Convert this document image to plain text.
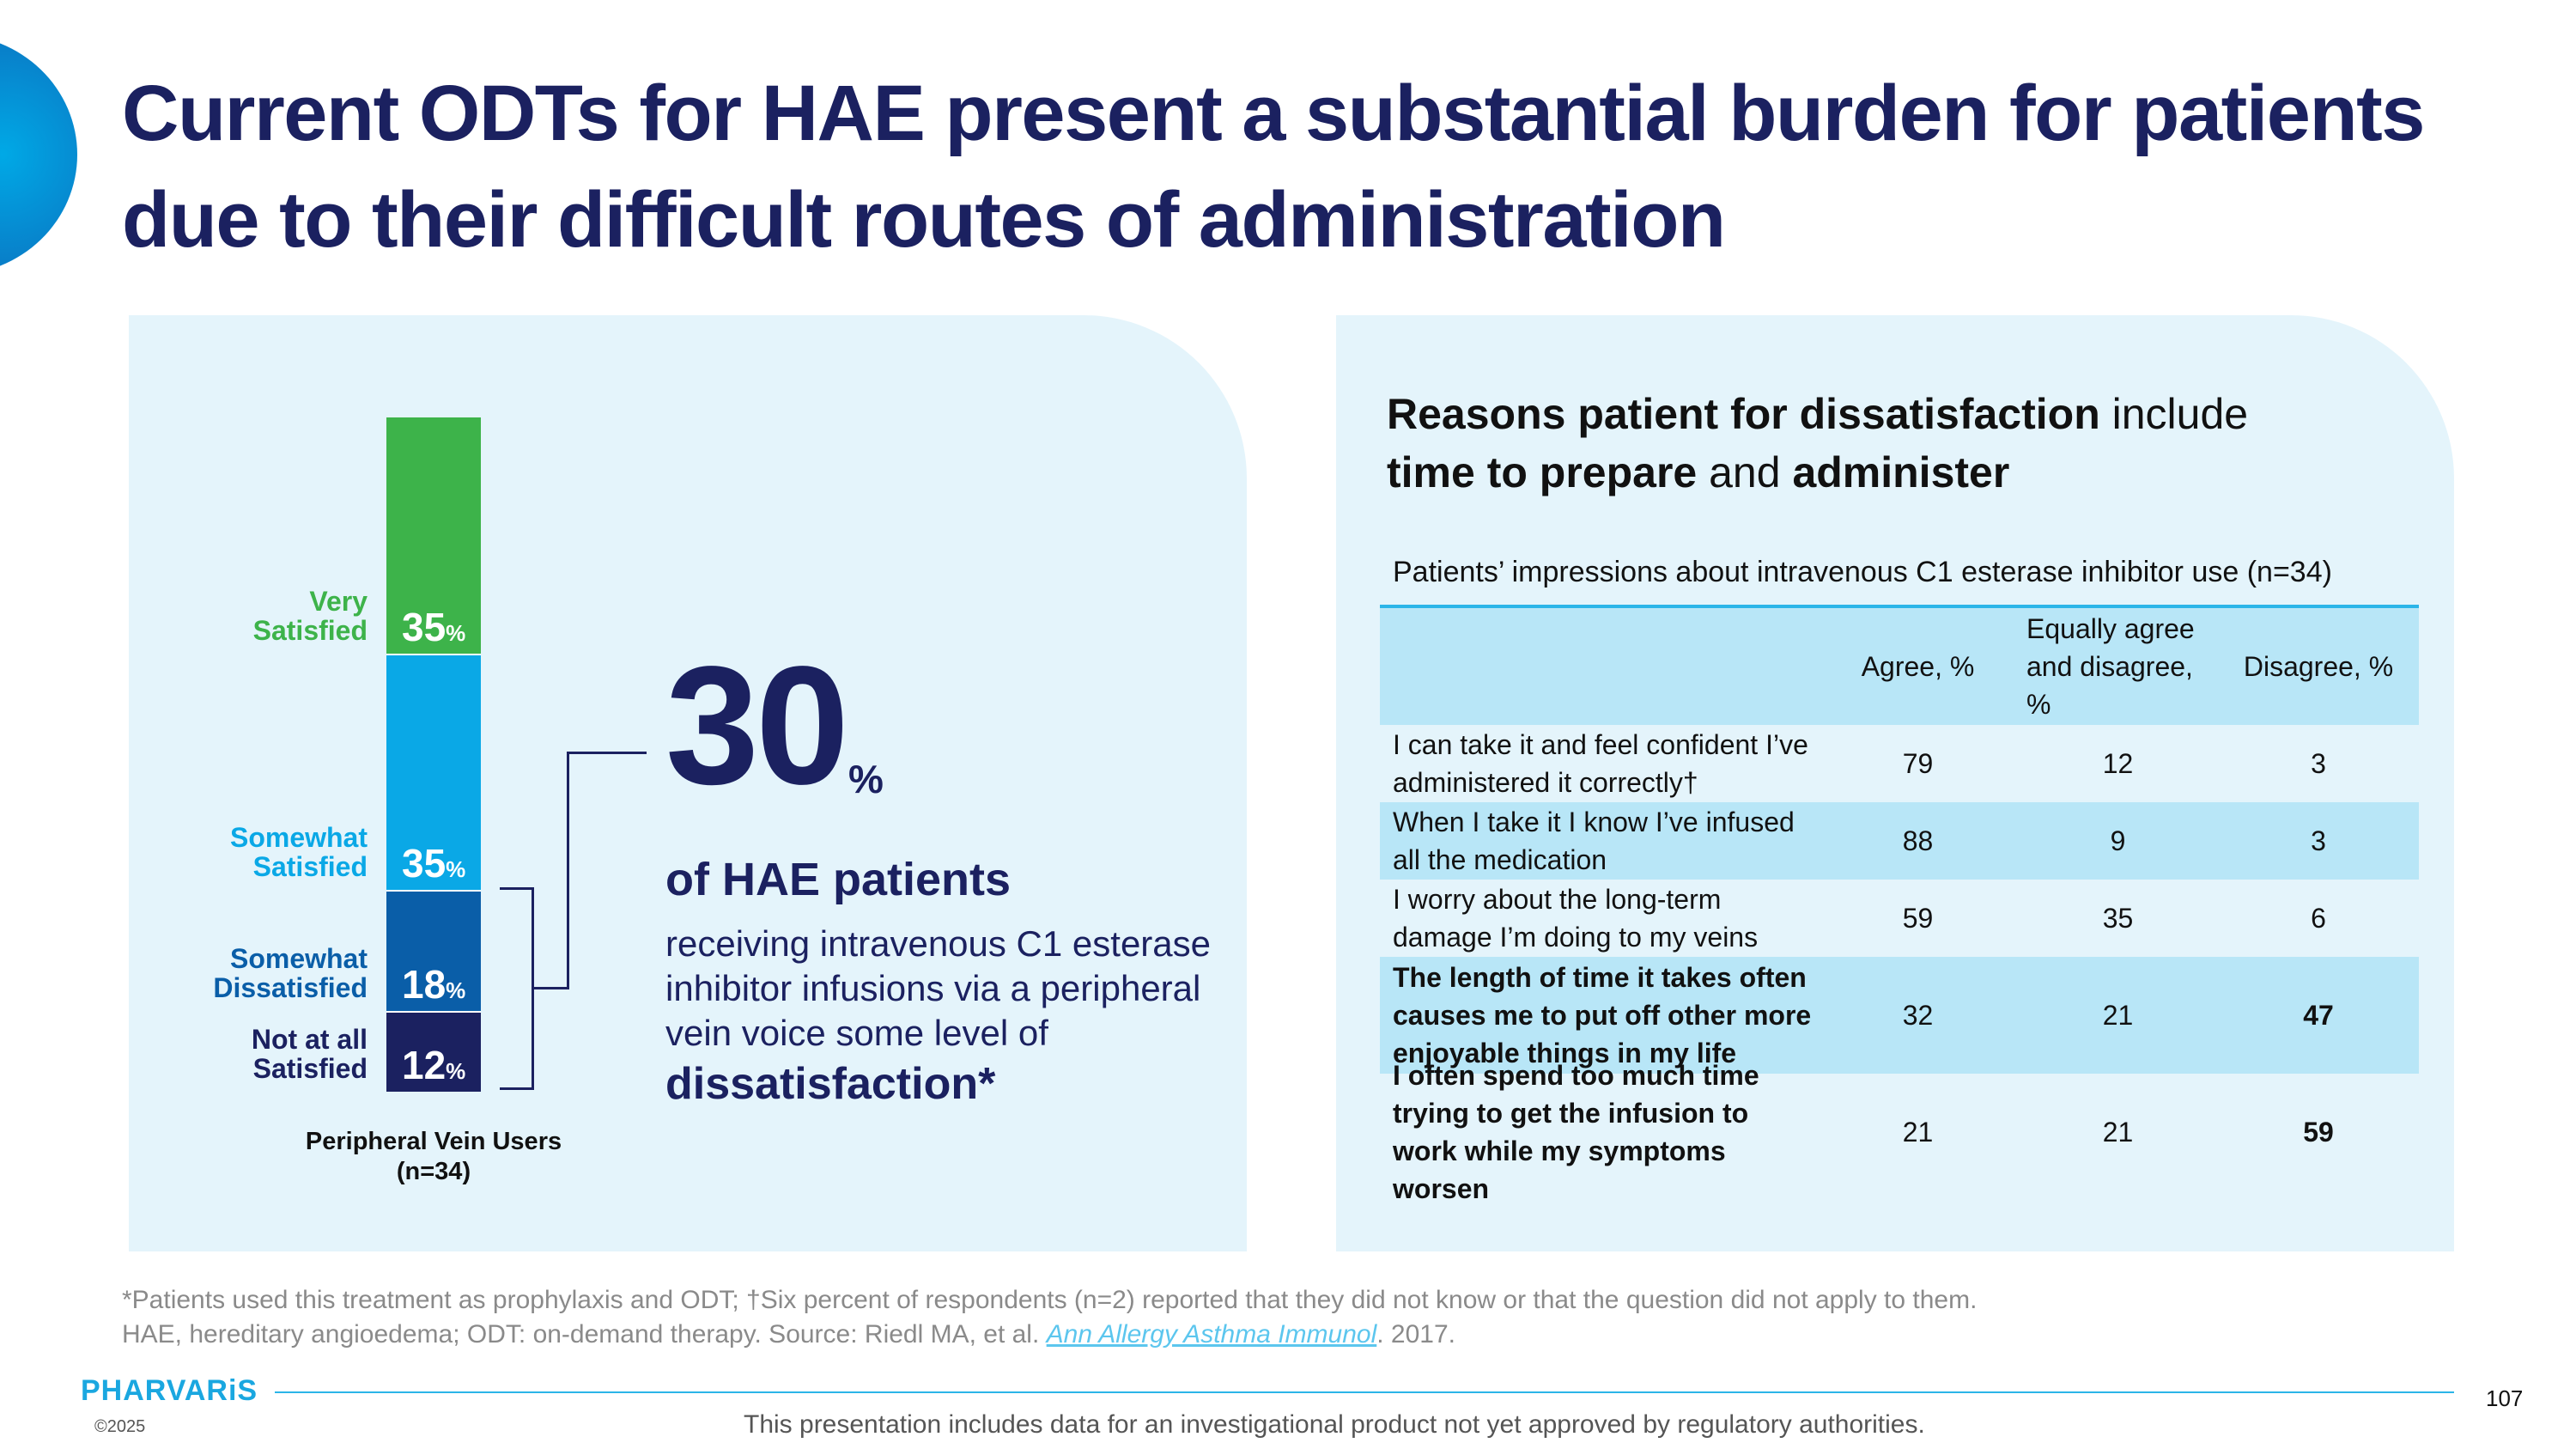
Current ODTs for HAE present a substantial burden for patients due to their difficult routes of administration
12%
Not at all
Satisfied
18%
Somewhat
Dissatisfied
35%
Somewhat
Satisfied
35%
Very
Satisfied
Peripheral Vein Users
(n=34)
30 %
of HAE patients
receiving intravenous C1 esterase inhibitor infusions via a peripheral vein voice some level of
dissatisfaction*
Reasons patient for dissatisfaction include
time to prepare and administer
Patients’ impressions about intravenous C1 esterase inhibitor use (n=34)
Agree, %
Equally agree and disagree, %
Disagree, %
I can take it and feel confident I’ve administered it correctly†
79	12	3
When I take it I know I’ve infused all the medication
88	9	3
I worry about the long-term damage I’m doing to my veins
59	35	6
The length of time it takes often causes me to put off other more enjoyable things in my life
32	21	47
I often spend too much time trying to get the infusion to work while my symptoms worsen
21	21	59
*Patients used this treatment as prophylaxis and ODT; †Six percent of respondents (n=2) reported that they did not know or that the question did not apply to them.
HAE, hereditary angioedema; ODT: on-demand therapy. Source: Riedl MA, et al. Ann Allergy Asthma Immunol. 2017.
PHARVARiS
©2025
107
This presentation includes data for an investigational product not yet approved by regulatory authorities.
